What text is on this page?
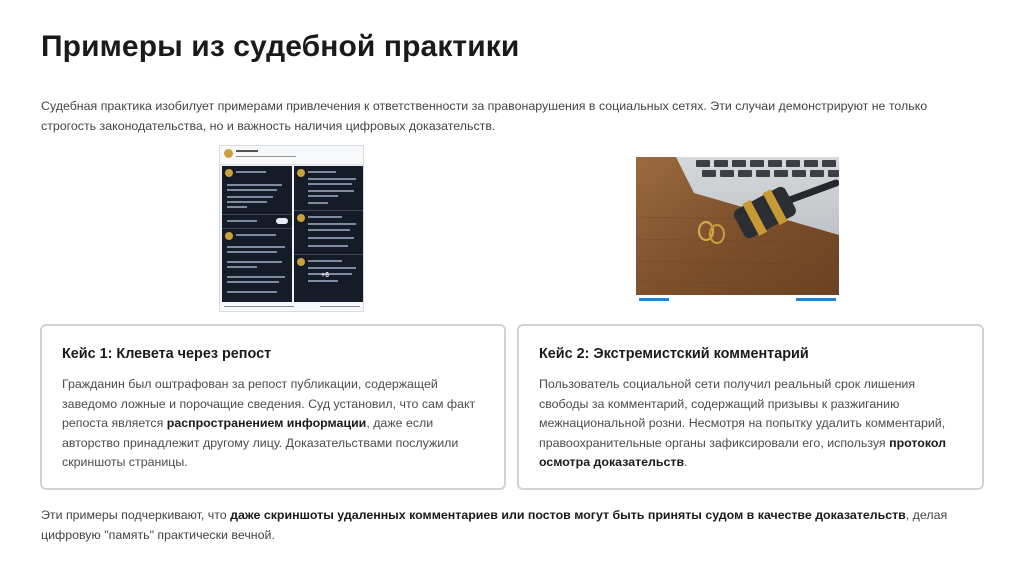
Примеры из судебной практики
Судебная практика изобилует примерами привлечения к ответственности за правонарушения в социальных сетях. Эти случаи демонстрируют не только строгость законодательства, но и важность наличия цифровых доказательств.
+6
Кейс 1: Клевета через репост

Гражданин был оштрафован за репост публикации, содержащей заведомо ложные и порочащие сведения. Суд установил, что сам факт репоста является распространением информации, даже если авторство принадлежит другому лицу. Доказательствами послужили скриншоты страницы.

Кейс 2: Экстремистский комментарий

Пользователь социальной сети получил реальный срок лишения свободы за комментарий, содержащий призывы к разжиганию межнациональной розни. Несмотря на попытку удалить комментарий, правоохранительные органы зафиксировали его, используя протокол осмотра доказательств.

Эти примеры подчеркивают, что даже скриншоты удаленных комментариев или постов могут быть приняты судом в качестве доказательств, делая цифровую "память" практически вечной.
